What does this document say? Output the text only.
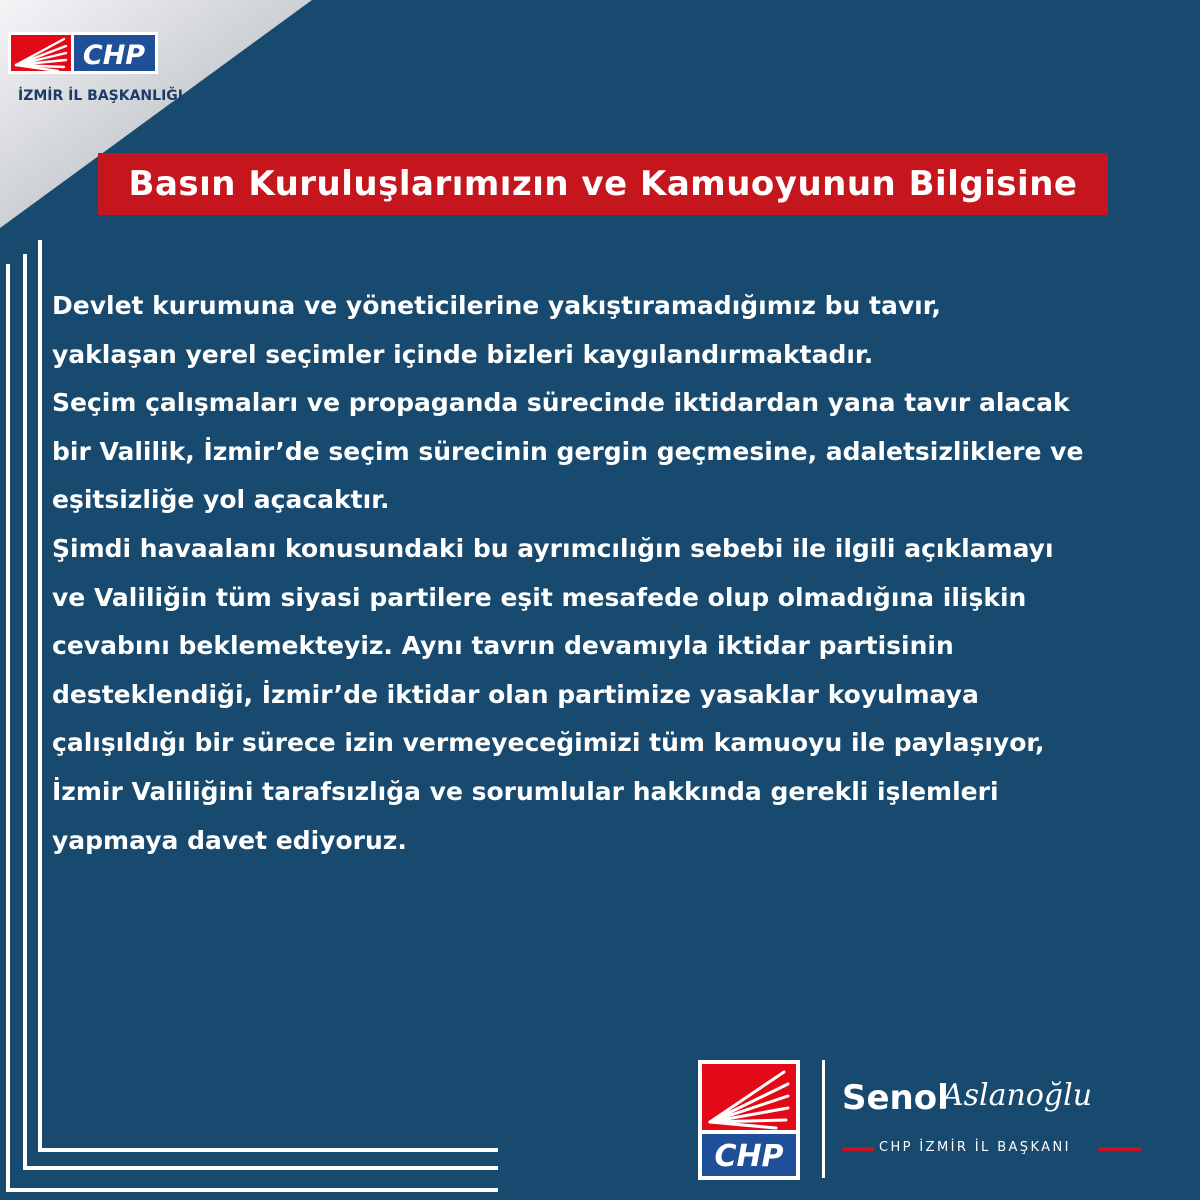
CHP
İZMİR İL BAŞKANLIĞI
Basın Kuruluşlarımızın ve Kamuoyunun Bilgisine
Devlet kurumuna ve yöneticilerine yakıştıramadığımız bu tavır,
yaklaşan yerel seçimler içinde bizleri kaygılandırmaktadır.
Seçim çalışmaları ve propaganda sürecinde iktidardan yana tavır alacak
bir Valilik, İzmir’de seçim sürecinin gergin geçmesine, adaletsizliklere ve
eşitsizliğe yol açacaktır.
Şimdi havaalanı konusundaki bu ayrımcılığın sebebi ile ilgili açıklamayı
ve Valiliğin tüm siyasi partilere eşit mesafede olup olmadığına ilişkin
cevabını beklemekteyiz. Aynı tavrın devamıyla iktidar partisinin
desteklendiği, İzmir’de iktidar olan partimize yasaklar koyulmaya
çalışıldığı bir sürece izin vermeyeceğimizi tüm kamuoyu ile paylaşıyor,
İzmir Valiliğini tarafsızlığa ve sorumlular hakkında gerekli işlemleri
yapmaya davet ediyoruz.
CHP
Senol
Aslanoğlu
CHP İZMİR İL BAŞKANI
